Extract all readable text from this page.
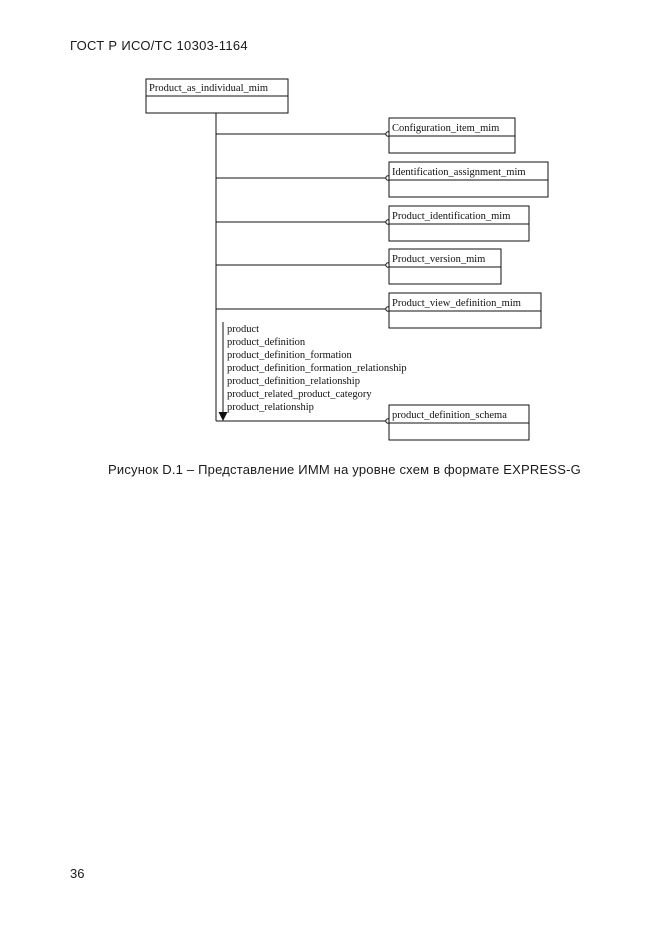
ГОСТ Р ИСО/ТС 10303-1164
Product_as_individual_mim
Configuration_item_mim
Identification_assignment_mim
Product_identification_mim
Product_version_mim
Product_view_definition_mim
product
product_definition
product_definition_formation
product_definition_formation_relationship
product_definition_relationship
product_related_product_category
product_relationship
product_definition_schema
Рисунок D.1 – Представление ИММ на уровне схем в формате EXPRESS-G
36
